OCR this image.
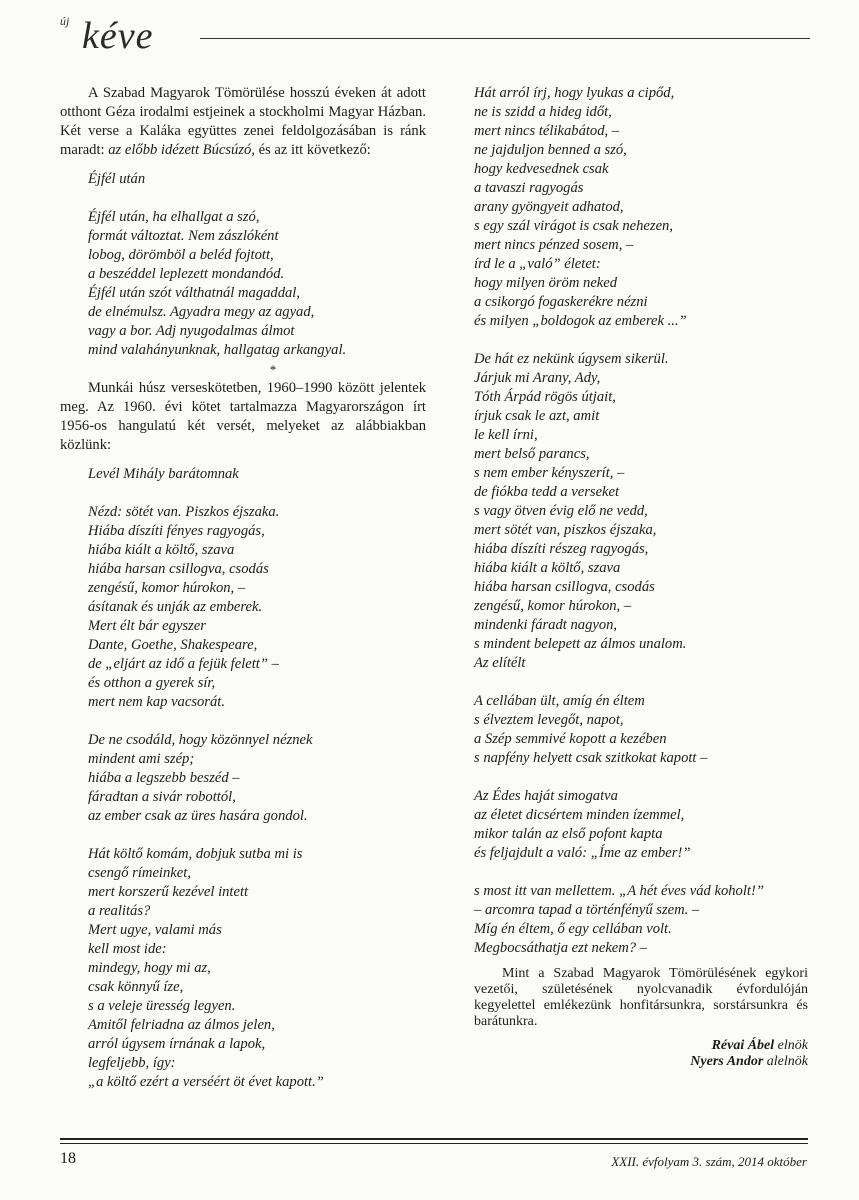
új kéve

A Szabad Magyarok Tömörülése hosszú éveken át adott otthont Géza irodalmi estjeinek a stockholmi Magyar Házban. Két verse a Kaláka együttes zenei feldolgozásában is ránk maradt: az előbb idézett Búcsúzó, és az itt következő:

Éjfél után
Éjfél után, ha elhallgat a szó,
formát változtat. Nem zászlóként
lobog, dörömböl a beléd fojtott,
a beszéddel leplezett mondandód.
Éjfél után szót válthatnál magaddal,
de elnémulsz. Agyadra megy az agyad,
vagy a bor. Adj nyugodalmas álmot
mind valahányunknak, hallgatag arkangyal.
*

Munkái húsz verseskötetben, 1960–1990 között jelentek meg. Az 1960. évi kötet tartalmazza Magyarországon írt 1956-os hangulatú két versét, melyeket az alábbiakban közlünk:

Levél Mihály barátomnak
Nézd: sötét van. Piszkos éjszaka.
Hiába díszíti fényes ragyogás,
hiába kiált a költő, szava
hiába harsan csillogva, csodás
zengésű, komor húrokon, –
ásítanak és unják az emberek.
Mert élt bár egyszer
Dante, Goethe, Shakespeare,
de „eljárt az idő a fejük felett” –
és otthon a gyerek sír,
mert nem kap vacsorát.
De ne csodáld, hogy közönnyel néznek
mindent ami szép;
hiába a legszebb beszéd –
fáradtan a sivár robottól,
az ember csak az üres hasára gondol.
Hát költő komám, dobjuk sutba mi is
csengő rímeinket,
mert korszerű kezével intett
a realitás?
Mert ugye, valami más
kell most ide:
mindegy, hogy mi az,
csak könnyű íze,
s a veleje üresség legyen.
Amitől felriadna az álmos jelen,
arról úgysem írnának a lapok,
legfeljebb, így:
„a költő ezért a verséért öt évet kapott.”
Hát arról írj, hogy lyukas a cipőd,
ne is szidd a hideg időt,
mert nincs télikabátod, –
ne jajduljon benned a szó,
hogy kedvesednek csak
a tavaszi ragyogás
arany gyöngyeit adhatod,
s egy szál virágot is csak nehezen,
mert nincs pénzed sosem, –
írd le a „való” életet:
hogy milyen öröm neked
a csikorgó fogaskerékre nézni
és milyen „boldogok az emberek ...”
De hát ez nekünk úgysem sikerül.
Járjuk mi Arany, Ady,
Tóth Árpád rögös útjait,
írjuk csak le azt, amit
le kell írni,
mert belső parancs,
s nem ember kényszerít, –
de fiókba tedd a verseket
s vagy ötven évig elő ne vedd,
mert sötét van, piszkos éjszaka,
hiába díszíti részeg ragyogás,
hiába kiált a költő, szava
hiába harsan csillogva, csodás
zengésű, komor húrokon, –
mindenki fáradt nagyon,
s mindent belepett az álmos unalom.
Az elítélt
A cellában ült, amíg én éltem
s élveztem levegőt, napot,
a Szép semmivé kopott a kezében
s napfény helyett csak szitkokat kapott –
Az Édes haját simogatva
az életet dicsértem minden ízemmel,
mikor talán az első pofont kapta
és feljajdult a való: „Íme az ember!”
s most itt van mellettem. „A hét éves vád koholt!”
– arcomra tapad a történfényű szem. –
Míg én éltem, ő egy cellában volt.
Megbocsáthatja ezt nekem? –

Mint a Szabad Magyarok Tömörülésének egykori vezetői, születésének nyolcvanadik évfordulóján kegyelettel emlékezünk honfitársunkra, sorstársunkra és barátunkra.

Révai Ábel elnök

Nyers Andor alelnök

18	XXII. évfolyam 3. szám, 2014 október
